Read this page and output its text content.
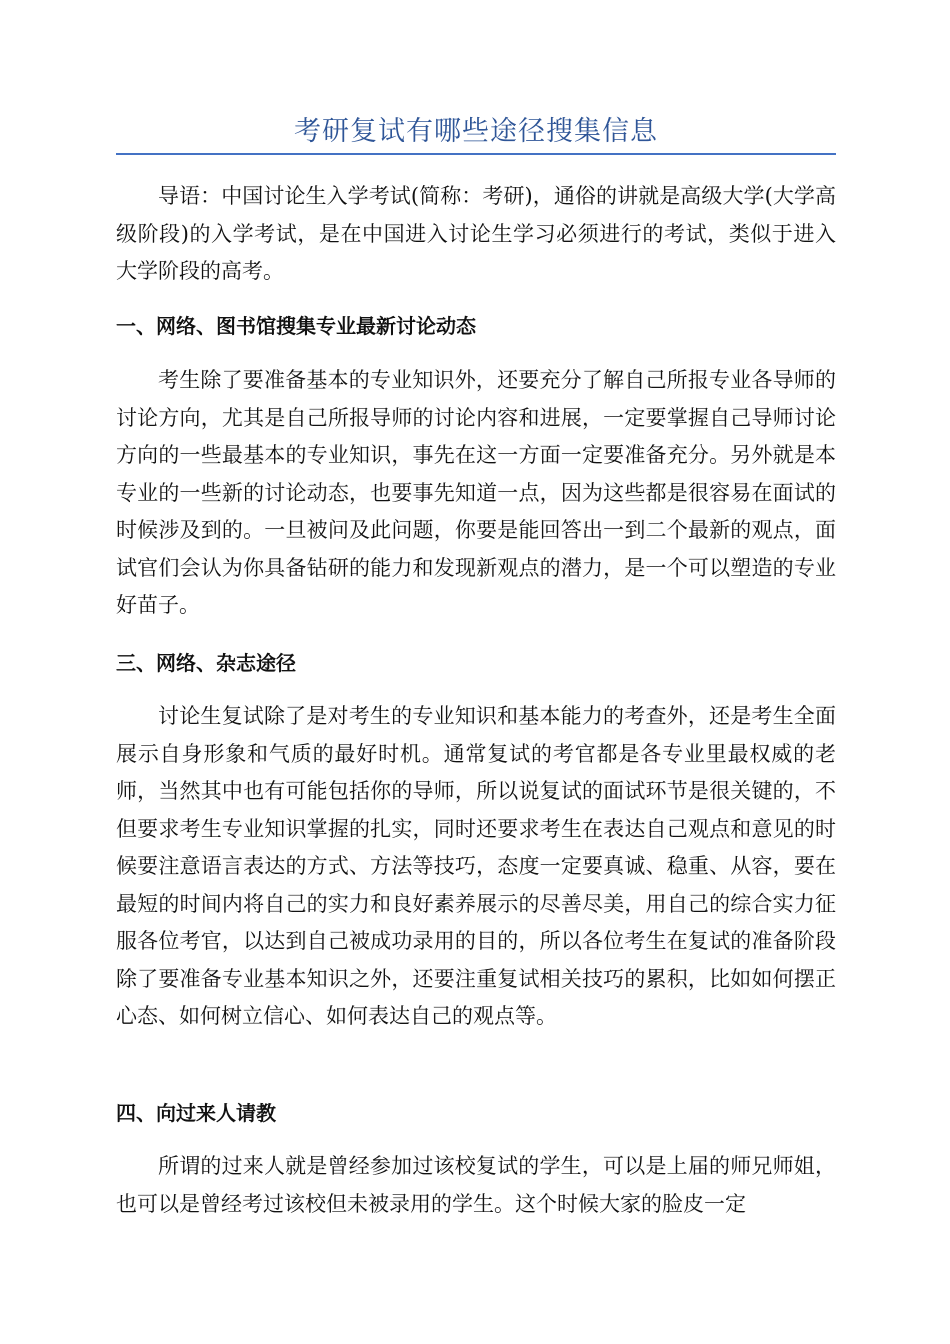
考研复试有哪些途径搜集信息

导语：中国讨论生入学考试(简称：考研)，通俗的讲就是高级大学(大学高级阶段)的入学考试，是在中国进入讨论生学习必须进行的考试，类似于进入大学阶段的高考。

一、网络、图书馆搜集专业最新讨论动态

考生除了要准备基本的专业知识外，还要充分了解自己所报专业各导师的讨论方向，尤其是自己所报导师的讨论内容和进展，一定要掌握自己导师讨论方向的一些最基本的专业知识，事先在这一方面一定要准备充分。另外就是本专业的一些新的讨论动态，也要事先知道一点，因为这些都是很容易在面试的时候涉及到的。一旦被问及此问题，你要是能回答出一到二个最新的观点，面试官们会认为你具备钻研的能力和发现新观点的潜力，是一个可以塑造的专业好苗子。

三、网络、杂志途径

讨论生复试除了是对考生的专业知识和基本能力的考查外，还是考生全面展示自身形象和气质的最好时机。通常复试的考官都是各专业里最权威的老师，当然其中也有可能包括你的导师，所以说复试的面试环节是很关键的，不但要求考生专业知识掌握的扎实，同时还要求考生在表达自己观点和意见的时候要注意语言表达的方式、方法等技巧，态度一定要真诚、稳重、从容，要在最短的时间内将自己的实力和良好素养展示的尽善尽美，用自己的综合实力征服各位考官，以达到自己被成功录用的目的，所以各位考生在复试的准备阶段除了要准备专业基本知识之外，还要注重复试相关技巧的累积，比如如何摆正心态、如何树立信心、如何表达自己的观点等。

四、向过来人请教

所谓的过来人就是曾经参加过该校复试的学生，可以是上届的师兄师姐，也可以是曾经考过该校但未被录用的学生。这个时候大家的脸皮一定
